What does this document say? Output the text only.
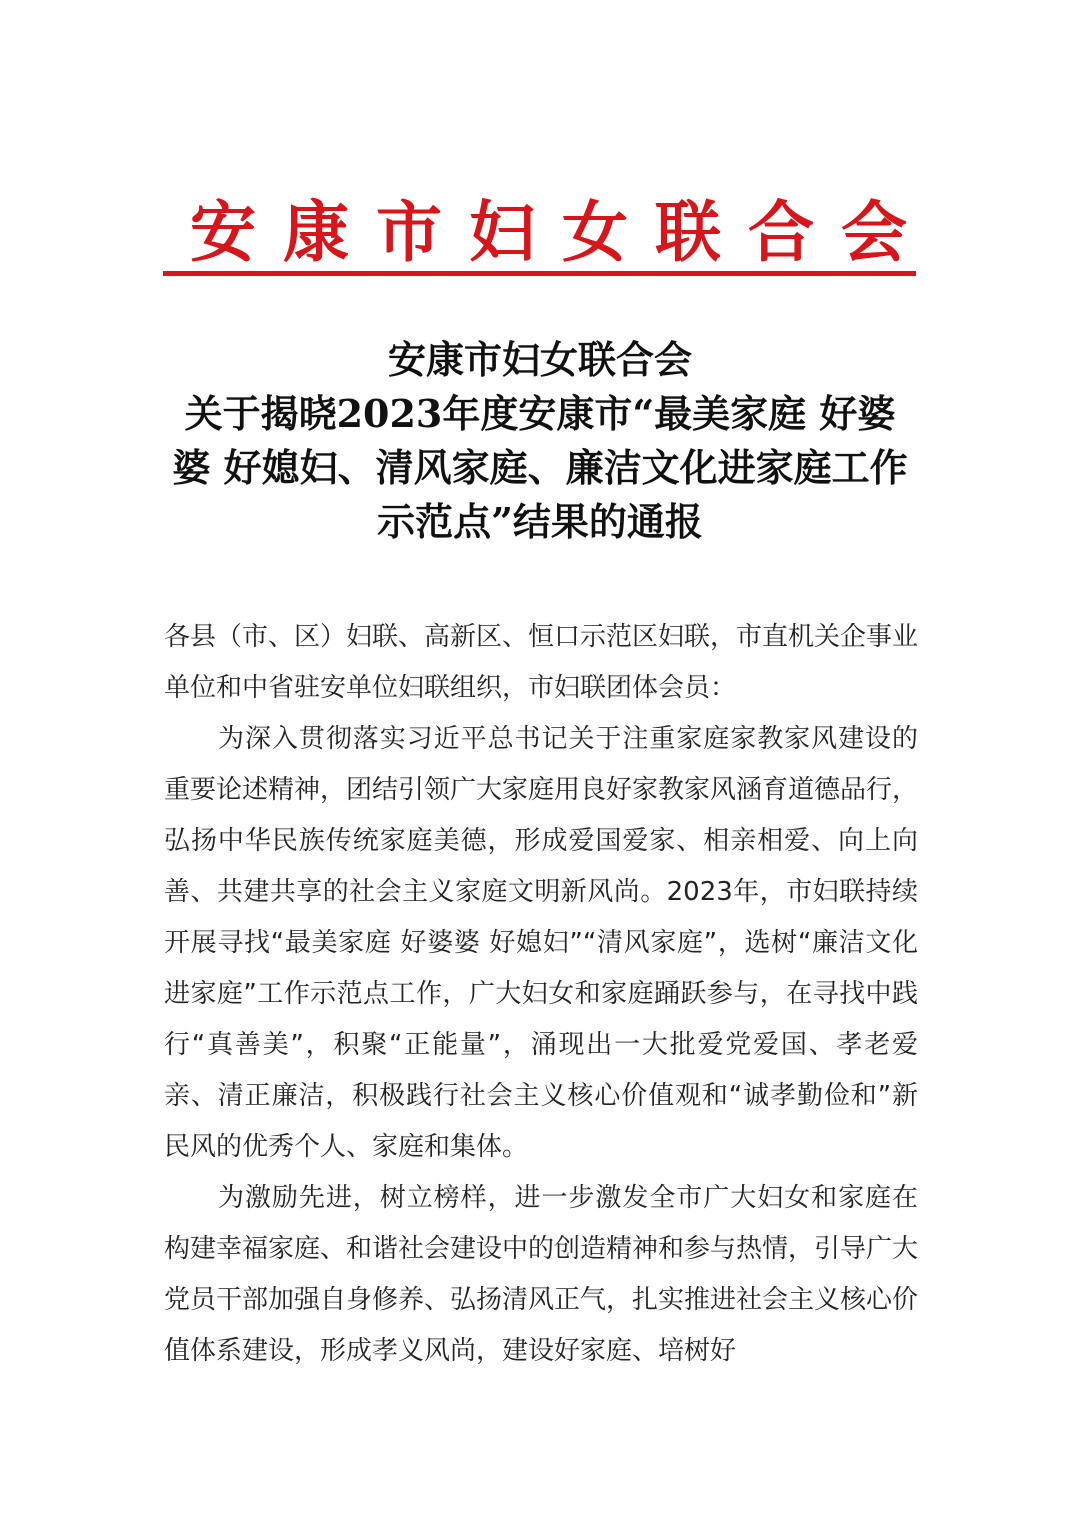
安康市妇女联合会
安康市妇女联合会
关于揭晓2023年度安康市“最美家庭 好婆
婆 好媳妇、清风家庭、廉洁文化进家庭工作
示范点”结果的通报

各县（市、区）妇联、高新区、恒口示范区妇联，市直机关企事业单位和中省驻安单位妇联组织，市妇联团体会员：

为深入贯彻落实习近平总书记关于注重家庭家教家风建设的重要论述精神，团结引领广大家庭用良好家教家风涵育道德品行，弘扬中华民族传统家庭美德，形成爱国爱家、相亲相爱、向上向善、共建共享的社会主义家庭文明新风尚。2023年，市妇联持续开展寻找“最美家庭 好婆婆 好媳妇”“清风家庭”，选树“廉洁文化进家庭”工作示范点工作，广大妇女和家庭踊跃参与，在寻找中践行“真善美”，积聚“正能量”，涌现出一大批爱党爱国、孝老爱亲、清正廉洁，积极践行社会主义核心价值观和“诚孝勤俭和”新民风的优秀个人、家庭和集体。

为激励先进，树立榜样，进一步激发全市广大妇女和家庭在构建幸福家庭、和谐社会建设中的创造精神和参与热情，引导广大党员干部加强自身修养、弘扬清风正气，扎实推进社会主义核心价值体系建设，形成孝义风尚，建设好家庭、培树好
